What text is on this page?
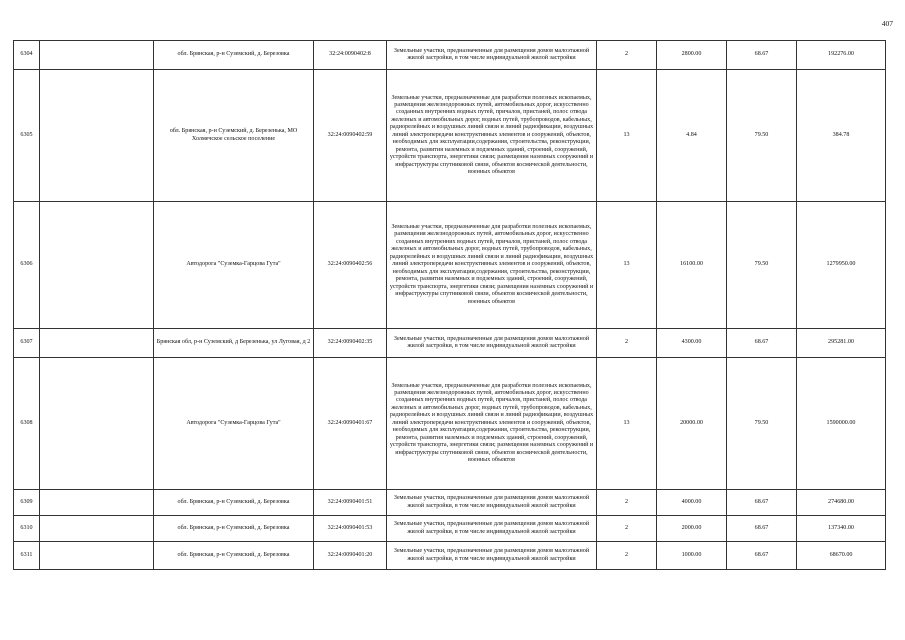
407
6304		обл. Брянская, р-н Суземский, д. Березовка	32:24:0090402:8	Земельные участки, предназначенные для размещения домов малоэтажной жилой застройки, в том числе индивидуальной жилой застройки	2	2800.00	68.67	192276.00
6305		обл. Брянская, р-н Суземский, д. Березенька, МО Холмечское сельское поселение	32:24:0090402:59	Земельные участки, предназначенные для разработки полезных ископаемых, размещения железнодорожных путей, автомобильных дорог, искусственно созданных внутренних водных путей, причалов, пристаней, полос отвода железных и автомобильных дорог, водных путей, трубопроводов, кабельных, радиорелейных и воздушных линий связи и линий радиофикации, воздушных линий электропередачи конструктивных элементов и сооружений, объектов, необходимых для эксплуатации,содержания, строительства, реконструкции, ремонта, развития наземных и подземных зданий, строений, сооружений, устройств транспорта, энергетики связи; размещения наземных сооружений и инфраструктуры спутниковой связи, объектов космической деятельности, военных объектов	13	4.84	79.50	384.78
6306		Автодорога "Суземка-Гарцова Гута"	32:24:0090402:56	Земельные участки, предназначенные для разработки полезных ископаемых, размещения железнодорожных путей, автомобильных дорог, искусственно созданных внутренних водных путей, причалов, пристаней, полос отвода железных и автомобильных дорог, водных путей, трубопроводов, кабельных, радиорелейных и воздушных линий связи и линий радиофикации, воздушных линий электропередачи конструктивных элементов и сооружений, объектов, необходимых для эксплуатации,содержания, строительства, реконструкции, ремонта, развития наземных и подземных зданий, строений, сооружений, устройств транспорта, энергетики связи; размещения наземных сооружений и инфраструктуры спутниковой связи, объектов космической деятельности, военных объектов	13	16100.00	79.50	1279950.00
6307		Брянская обл, р-н Суземский, д Березенька, ул Луговая, д 2	32:24:0090402:35	Земельные участки, предназначенные для размещения домов малоэтажной жилой застройки, в том числе индивидуальной жилой застройки	2	4300.00	68.67	295281.00
6308		Автодорога "Суземка-Гарцова Гута"	32:24:0090401:67	Земельные участки, предназначенные для разработки полезных ископаемых, размещения железнодорожных путей, автомобильных дорог, искусственно созданных внутренних водных путей, причалов, пристаней, полос отвода железных и автомобильных дорог, водных путей, трубопроводов, кабельных, радиорелейных и воздушных линий связи и линий радиофикации, воздушных линий электропередачи конструктивных элементов и сооружений, объектов, необходимых для эксплуатации,содержания, строительства, реконструкции, ремонта, развития наземных и подземных зданий, строений, сооружений, устройств транспорта, энергетики связи; размещения наземных сооружений и инфраструктуры спутниковой связи, объектов космической деятельности, военных объектов	13	20000.00	79.50	1590000.00
6309		обл. Брянская, р-н Суземский, д. Березовка	32:24:0090401:51	Земельные участки, предназначенные для размещения домов малоэтажной жилой застройки, в том числе индивидуальной жилой застройки	2	4000.00	68.67	274680.00
6310		обл. Брянская, р-н Суземский, д. Березовка	32:24:0090401:53	Земельные участки, предназначенные для размещения домов малоэтажной жилой застройки, в том числе индивидуальной жилой застройки	2	2000.00	68.67	137340.00
6311		обл. Брянская, р-н Суземский, д. Березовка	32:24:0090401:20	Земельные участки, предназначенные для размещения домов малоэтажной жилой застройки, в том числе индивидуальной жилой застройки	2	1000.00	68.67	68670.00
